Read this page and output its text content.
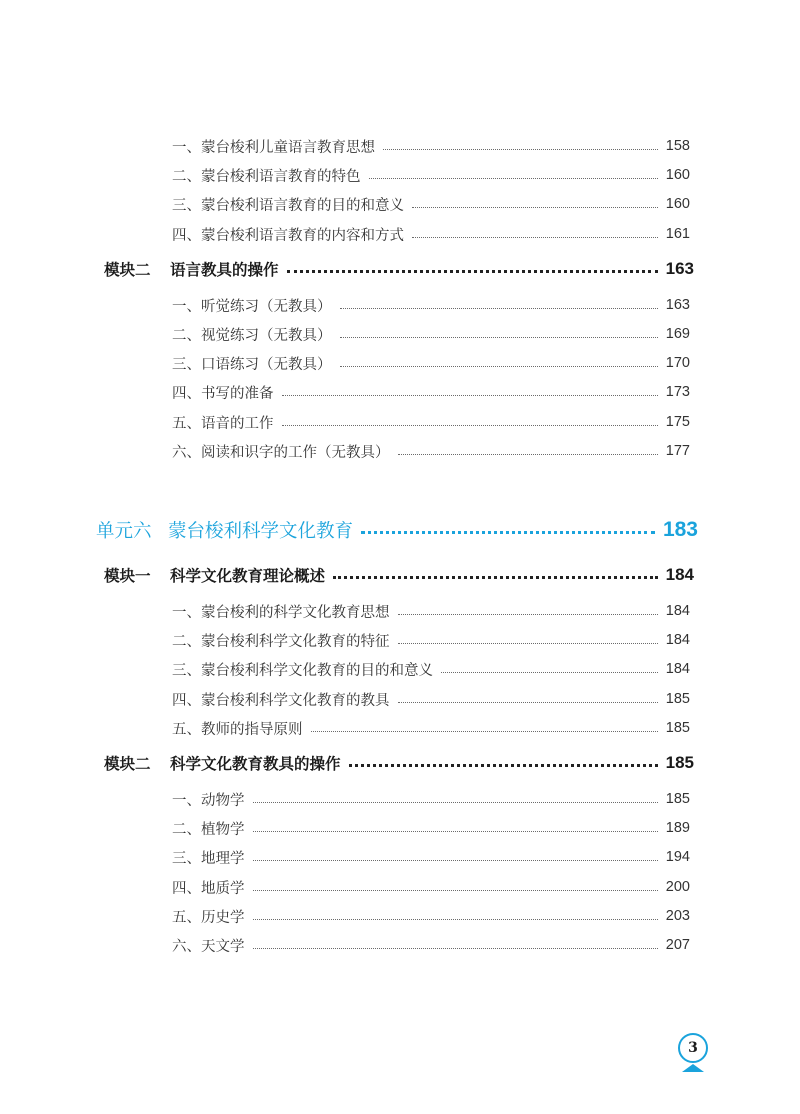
一、蒙台梭利儿童语言教育思想	158
二、蒙台梭利语言教育的特色	160
三、蒙台梭利语言教育的目的和意义	160
四、蒙台梭利语言教育的内容和方式	161
模块二	语言教具的操作	163
一、听觉练习（无教具）	163
二、视觉练习（无教具）	169
三、口语练习（无教具）	170
四、书写的准备	173
五、语音的工作	175
六、阅读和识字的工作（无教具）	177
单元六 蒙台梭利科学文化教育	183
模块一	科学文化教育理论概述	184
一、蒙台梭利的科学文化教育思想	184
二、蒙台梭利科学文化教育的特征	184
三、蒙台梭利科学文化教育的目的和意义	184
四、蒙台梭利科学文化教育的教具	185
五、教师的指导原则	185
模块二	科学文化教育教具的操作	185
一、动物学	185
二、植物学	189
三、地理学	194
四、地质学	200
五、历史学	203
六、天文学	207
3
